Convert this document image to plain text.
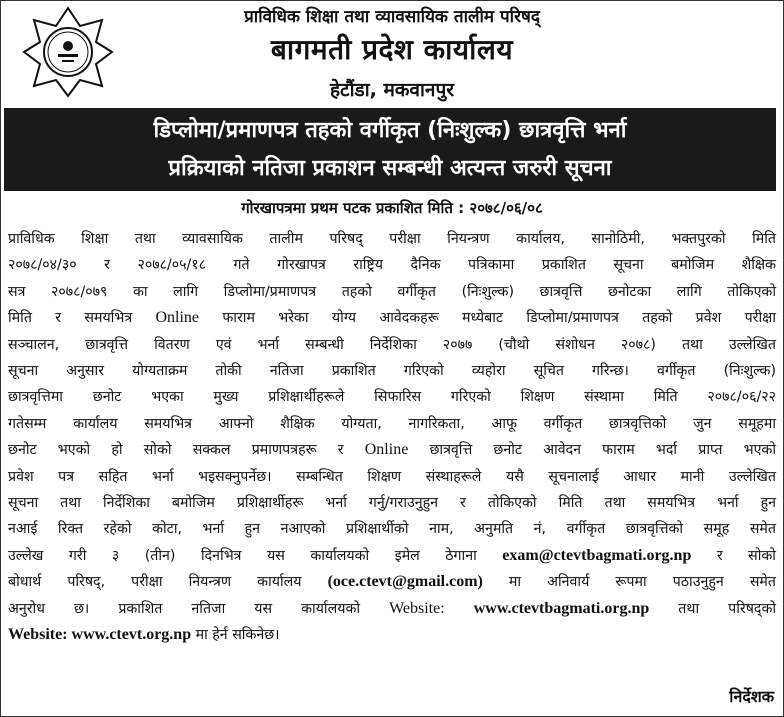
प्राविधिक शिक्षा तथा व्यावसायिक तालीम परिषद्
बागमती प्रदेश कार्यालय
हेटौंडा, मकवानपुर
डिप्लोमा/प्रमाणपत्र तहको वर्गीकृत (निःशुल्क) छात्रवृत्ति भर्ना
प्रक्रियाको नतिजा प्रकाशन सम्बन्धी अत्यन्त जरुरी सूचना
गोरखापत्रमा प्रथम पटक प्रकाशित मिति : २०७८/०६/०८
प्राविधिक शिक्षा तथा व्यावसायिक तालीम परिषद् परीक्षा नियन्त्रण कार्यालय, सानोठिमी, भक्तपुरको मिति
२०७८/०४/३० र २०७८/०५/१८ गते गोरखापत्र राष्ट्रिय दैनिक पत्रिकामा प्रकाशित सूचना बमोजिम शैक्षिक
सत्र २०७८/०७९ का लागि डिप्लोमा/प्रमाणपत्र तहको वर्गीकृत (निःशुल्क) छात्रवृत्ति छनोटका लागि तोकिएको
मिति र समयभित्र Online फाराम भरेका योग्य आवेदकहरू मध्येबाट डिप्लोमा/प्रमाणपत्र तहको प्रवेश परीक्षा
सञ्चालन, छात्रवृत्ति वितरण एवं भर्ना सम्बन्धी निर्देशिका २०७७ (चौथो संशोधन २०७८) तथा उल्लेखित
सूचना अनुसार योग्यताक्रम तोकी नतिजा प्रकाशित गरिएको व्यहोरा सूचित गरिन्छ। वर्गीकृत (निःशुल्क)
छात्रवृत्तिमा छनोट भएका मुख्य प्रशिक्षार्थीहरूले सिफारिस गरिएको शिक्षण संस्थामा मिति २०७८/०६/२२
गतेसम्म कार्यालय समयभित्र आफ्नो शैक्षिक योग्यता, नागरिकता, आफू वर्गीकृत छात्रवृत्तिको जुन समूहमा
छनोट भएको हो सोको सक्कल प्रमाणपत्रहरू र Online छात्रवृत्ति छनोट आवेदन फाराम भर्दा प्राप्त भएको
प्रवेश पत्र सहित भर्ना भइसक्नुपर्नेछ। सम्बन्धित शिक्षण संस्थाहरूले यसै सूचनालाई आधार मानी उल्लेखित
सूचना तथा निर्देशिका बमोजिम प्रशिक्षार्थीहरू भर्ना गर्नु/गराउनुहुन र तोकिएको मिति तथा समयभित्र भर्ना हुन
नआई रिक्त रहेको कोटा, भर्ना हुन नआएको प्रशिक्षार्थीको नाम, अनुमति नं, वर्गीकृत छात्रवृत्तिको समूह समेत
उल्लेख गरी ३ (तीन) दिनभित्र यस कार्यालयको इमेल ठेगाना exam@ctevtbagmati.org.np र सोको
बोधार्थ परिषद्, परीक्षा नियन्त्रण कार्यालय (oce.ctevt@gmail.com) मा अनिवार्य रूपमा पठाउनुहुन समेत
अनुरोध छ। प्रकाशित नतिजा यस कार्यालयको Website: www.ctevtbagmati.org.np तथा परिषद्को
Website: www.ctevt.org.np मा हेर्न सकिनेछ।
निर्देशक
